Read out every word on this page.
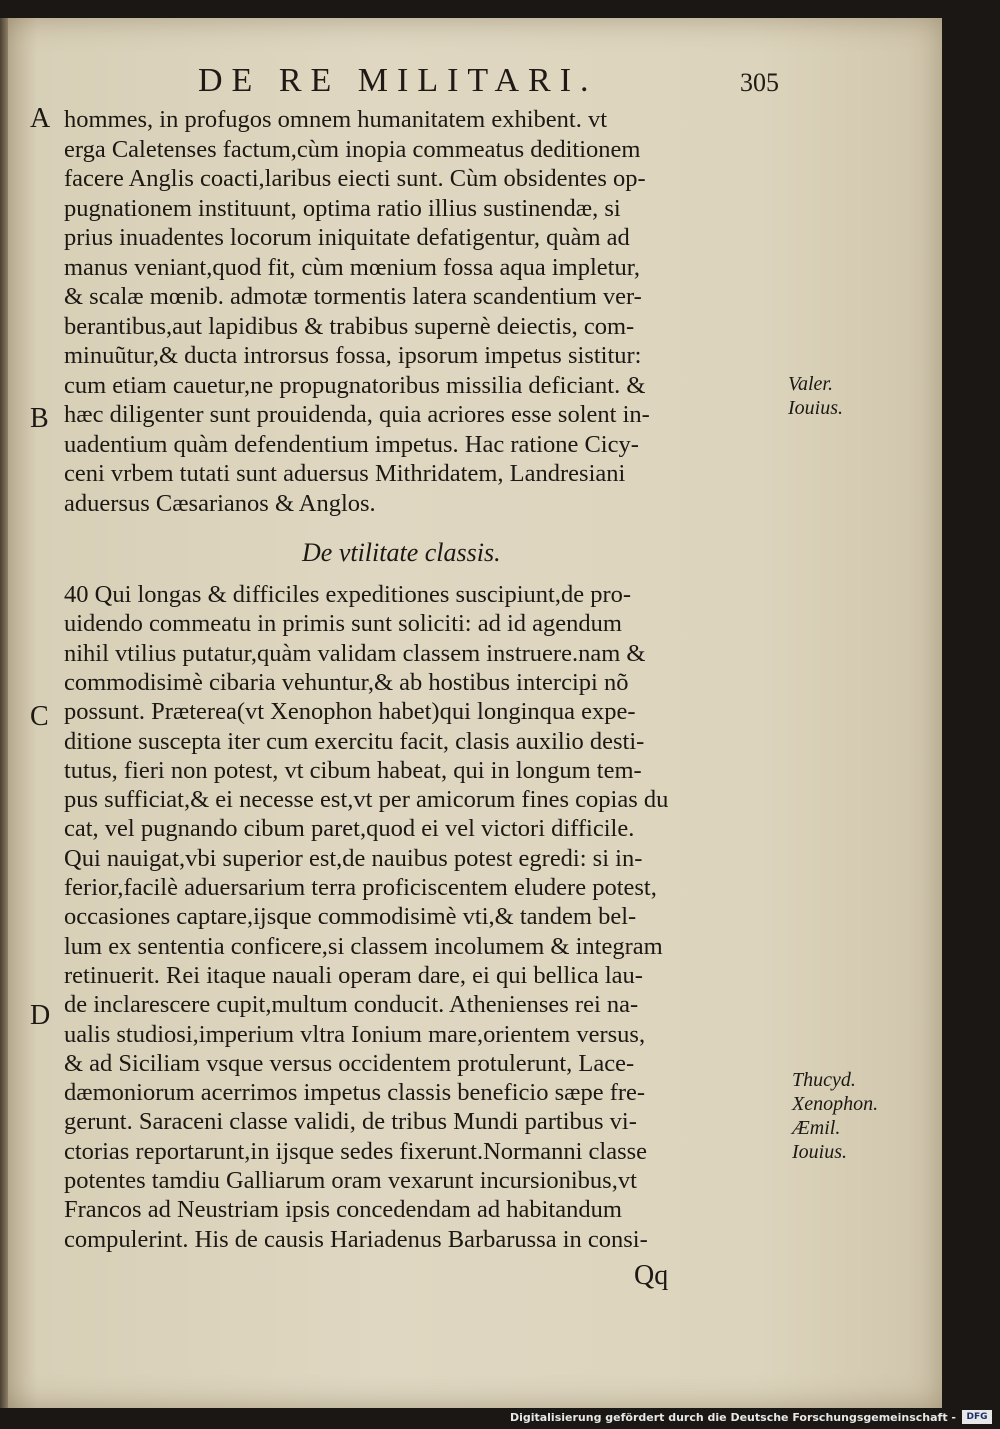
DE RE MILITARI.	305
A
B
C
D
hommes, in profugos omnem humanitatem exhibent. vt
erga Caletenses factum,cùm inopia commeatus deditionem
facere Anglis coacti,laribus eiecti sunt. Cùm obsidentes op-
pugnationem instituunt, optima ratio illius sustinendæ, si
prius inuadentes locorum iniquitate defatigentur, quàm ad
manus veniant,quod fit, cùm mœnium fossa aqua impletur,
& scalæ mœnib. admotæ tormentis latera scandentium ver-
berantibus,aut lapidibus & trabibus supernè deiectis, com-
minuũtur,& ducta introrsus fossa, ipsorum impetus sistitur:
cum etiam cauetur,ne propugnatoribus missilia deficiant. &
hæc diligenter sunt prouidenda, quia acriores esse solent in-
uadentium quàm defendentium impetus. Hac ratione Cicy-
ceni vrbem tutati sunt aduersus Mithridatem, Landresiani
aduersus Cæsarianos & Anglos.
De vtilitate classis.
40 Qui longas & difficiles expeditiones suscipiunt,de pro-
uidendo commeatu in primis sunt soliciti: ad id agendum
nihil vtilius putatur,quàm validam classem instruere.nam &
commodisimè cibaria vehuntur,& ab hostibus intercipi nõ
possunt. Præterea(vt Xenophon habet)qui longinqua expe-
ditione suscepta iter cum exercitu facit, clasis auxilio desti-
tutus, fieri non potest, vt cibum habeat, qui in longum tem-
pus sufficiat,& ei necesse est,vt per amicorum fines copias du
cat, vel pugnando cibum paret,quod ei vel victori difficile.
Qui nauigat,vbi superior est,de nauibus potest egredi: si in-
ferior,facilè aduersarium terra proficiscentem eludere potest,
occasiones captare,ijsque commodisimè vti,& tandem bel-
lum ex sententia conficere,si classem incolumem & integram
retinuerit. Rei itaque nauali operam dare, ei qui bellica lau-
de inclarescere cupit,multum conducit. Athenienses rei na-
ualis studiosi,imperium vltra Ionium mare,orientem versus,
& ad Siciliam vsque versus occidentem protulerunt, Lace-
dæmoniorum acerrimos impetus classis beneficio sæpe fre-
gerunt. Saraceni classe validi, de tribus Mundi partibus vi-
ctorias reportarunt,in ijsque sedes fixerunt.Normanni classe
potentes tamdiu Galliarum oram vexarunt incursionibus,vt
Francos ad Neustriam ipsis concedendam ad habitandum
compulerint. His de causis Hariadenus Barbarussa in consi-
Valer.
Iouius.
Thucyd.
Xenophon.
Æmil.
Iouius.
Qq
Digitalisierung gefördert durch die Deutsche Forschungsgemeinschaft -	DFG
